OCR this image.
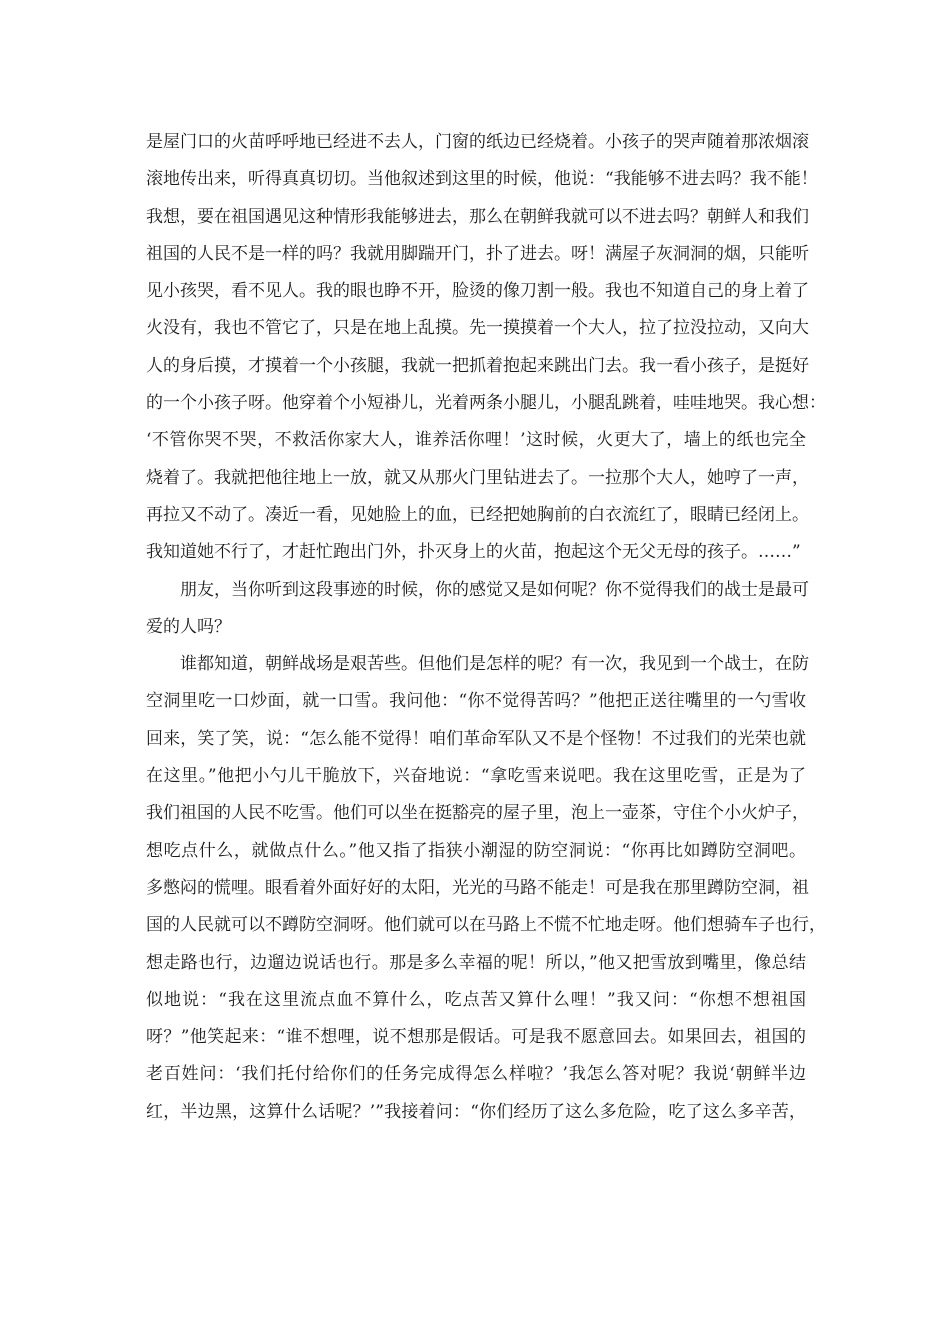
是屋门口的火苗呼呼地已经进不去人，门窗的纸边已经烧着。小孩子的哭声随着那浓烟滚
滚地传出来，听得真真切切。当他叙述到这里的时候，他说：“我能够不进去吗？我不能！
我想，要在祖国遇见这种情形我能够进去，那么在朝鲜我就可以不进去吗？朝鲜人和我们
祖国的人民不是一样的吗？我就用脚踹开门，扑了进去。呀！满屋子灰洞洞的烟，只能听
见小孩哭，看不见人。我的眼也睁不开，脸烫的像刀割一般。我也不知道自己的身上着了
火没有，我也不管它了，只是在地上乱摸。先一摸摸着一个大人，拉了拉没拉动，又向大
人的身后摸，才摸着一个小孩腿，我就一把抓着抱起来跳出门去。我一看小孩子，是挺好
的一个小孩子呀。他穿着个小短褂儿，光着两条小腿儿，小腿乱跳着，哇哇地哭。我心想：
‘不管你哭不哭，不救活你家大人，谁养活你哩！’这时候，火更大了，墙上的纸也完全
烧着了。我就把他往地上一放，就又从那火门里钻进去了。一拉那个大人，她哼了一声，
再拉又不动了。凑近一看，见她脸上的血，已经把她胸前的白衣流红了，眼睛已经闭上。
我知道她不行了，才赶忙跑出门外，扑灭身上的火苗，抱起这个无父无母的孩子。……”
朋友，当你听到这段事迹的时候，你的感觉又是如何呢？你不觉得我们的战士是最可
爱的人吗？
谁都知道，朝鲜战场是艰苦些。但他们是怎样的呢？有一次，我见到一个战士，在防
空洞里吃一口炒面，就一口雪。我问他：“你不觉得苦吗？”他把正送往嘴里的一勺雪收
回来，笑了笑，说：“怎么能不觉得！咱们革命军队又不是个怪物！不过我们的光荣也就
在这里。”他把小勺儿干脆放下，兴奋地说：“拿吃雪来说吧。我在这里吃雪，正是为了
我们祖国的人民不吃雪。他们可以坐在挺豁亮的屋子里，泡上一壶茶，守住个小火炉子，
想吃点什么，就做点什么。”他又指了指狭小潮湿的防空洞说：“你再比如蹲防空洞吧。
多憋闷的慌哩。眼看着外面好好的太阳，光光的马路不能走！可是我在那里蹲防空洞，祖
国的人民就可以不蹲防空洞呀。他们就可以在马路上不慌不忙地走呀。他们想骑车子也行，
想走路也行，边遛边说话也行。那是多么幸福的呢！所以，”他又把雪放到嘴里，像总结
似地说：“我在这里流点血不算什么，吃点苦又算什么哩！”我又问：“你想不想祖国
呀？”他笑起来：“谁不想哩，说不想那是假话。可是我不愿意回去。如果回去，祖国的
老百姓问：‘我们托付给你们的任务完成得怎么样啦？’我怎么答对呢？我说‘朝鲜半边
红，半边黑，这算什么话呢？’”我接着问：“你们经历了这么多危险，吃了这么多辛苦，
